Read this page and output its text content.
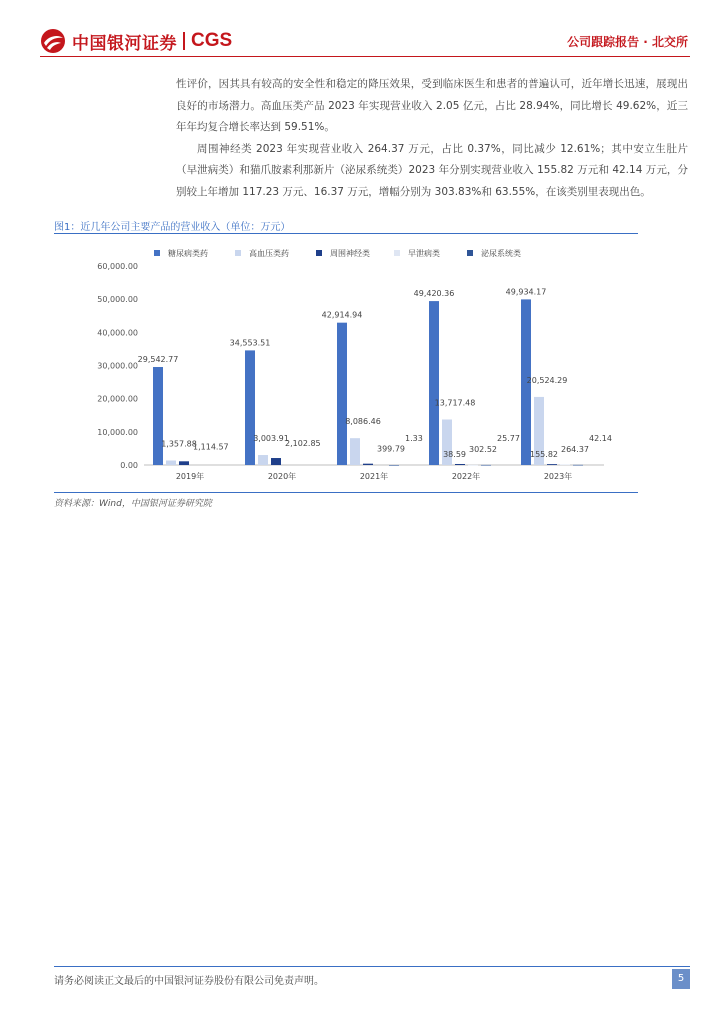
中国银河证券 CGS	公司跟踪报告 · 北交所

性评价，因其具有较高的安全性和稳定的降压效果，受到临床医生和患者的普遍认可，近年增长迅速，展现出良好的市场潜力。高血压类产品 2023 年实现营业收入 2.05 亿元，占比 28.94%，同比增长 49.62%，近三年年均复合增长率达到 59.51%。

周围神经类 2023 年实现营业收入 264.37 万元，占比 0.37%，同比减少 12.61%；其中安立生肚片（早泄病类）和猫爪胺素利那新片（泌尿系统类）2023 年分别实现营业收入 155.82 万元和 42.14 万元，分别较上年增加 117.23 万元、16.37 万元，增幅分别为 303.83%和 63.55%，在该类别里表现出色。

图1：近几年公司主要产品的营业收入（单位：万元）
糖尿病类药	高血压类药	周围神经类	早泄病类	泌尿系统类
0.00
10,000.00
20,000.00
30,000.00
40,000.00
50,000.00
60,000.00
29,542.77
1,357.88
1,114.57
2019年
34,553.51
3,003.91
2,102.85
2020年
42,914.94
8,086.46
399.79
1.33
2021年
49,420.36
13,717.48
302.52
38.59
25.77
2022年
49,934.17
20,524.29
264.37
155.82
42.14
2023年
资料来源：Wind，中国银河证券研究院
请务必阅读正文最后的中国银河证券股份有限公司免责声明。	5
